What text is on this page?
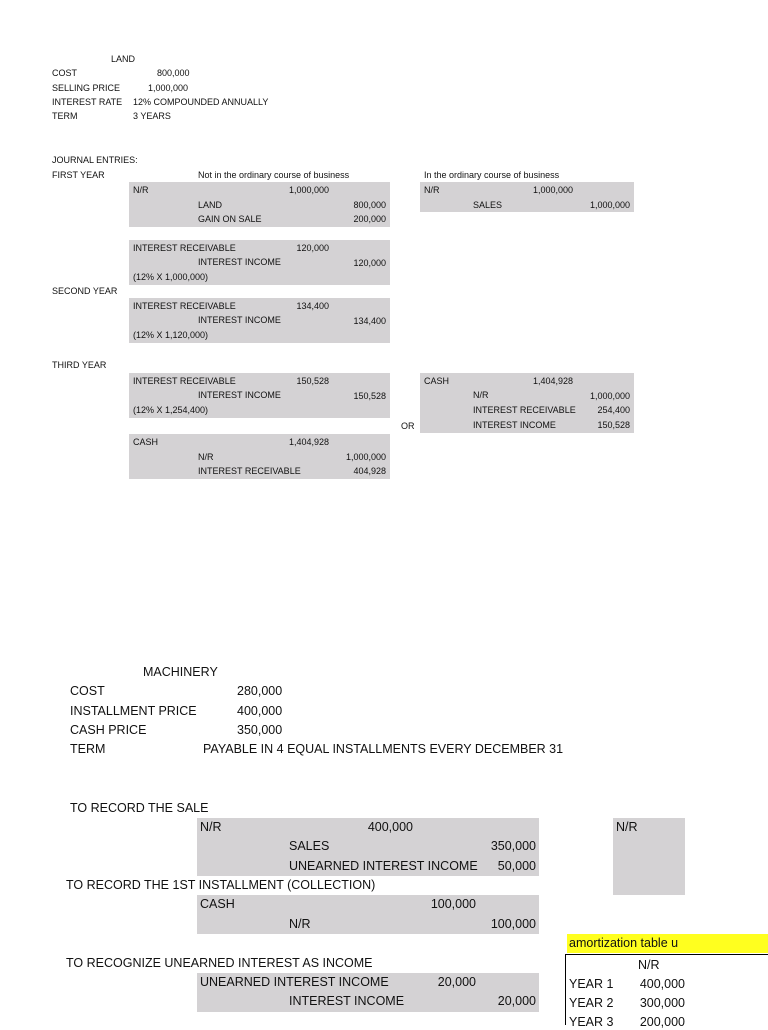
LAND
COST	800,000
SELLING PRICE	1,000,000
INTEREST RATE 12% COMPOUNDED ANNUALLY
TERM	3 YEARS
JOURNAL ENTRIES:
FIRST YEAR	Not in the ordinary course of business	In the ordinary course of business
N/R	1,000,000
LAND	800,000
GAIN ON SALE	200,000
N/R	1,000,000
SALES	1,000,000
INTEREST RECEIVABLE	120,000
INTEREST INCOME	120,000
(12% X 1,000,000)
SECOND YEAR
INTEREST RECEIVABLE	134,400
INTEREST INCOME	134,400
(12% X 1,120,000)
THIRD YEAR
INTEREST RECEIVABLE	150,528
INTEREST INCOME	150,528
(12% X 1,254,400)
CASH	1,404,928
N/R	1,000,000
INTEREST RECEIVABLE 254,400
INTEREST INCOME	150,528
OR
CASH	1,404,928
N/R	1,000,000
INTEREST RECEIVABLE	404,928
MACHINERY
COST	280,000
INSTALLMENT PRICE	400,000
CASH PRICE	350,000
TERM	PAYABLE IN 4 EQUAL INSTALLMENTS EVERY DECEMBER 31
TO RECORD THE SALE
N/R	400,000
SALES	350,000
UNEARNED INTEREST INCOME 50,000
N/R
TO RECORD THE 1ST INSTALLMENT (COLLECTION)
CASH	100,000
N/R	100,000
TO RECOGNIZE UNEARNED INTEREST AS INCOME
UNEARNED INTEREST INCOME	20,000
INTEREST INCOME	20,000
amortization table u
N/R
YEAR 1 400,000
YEAR 2 300,000
YEAR 3 200,000
